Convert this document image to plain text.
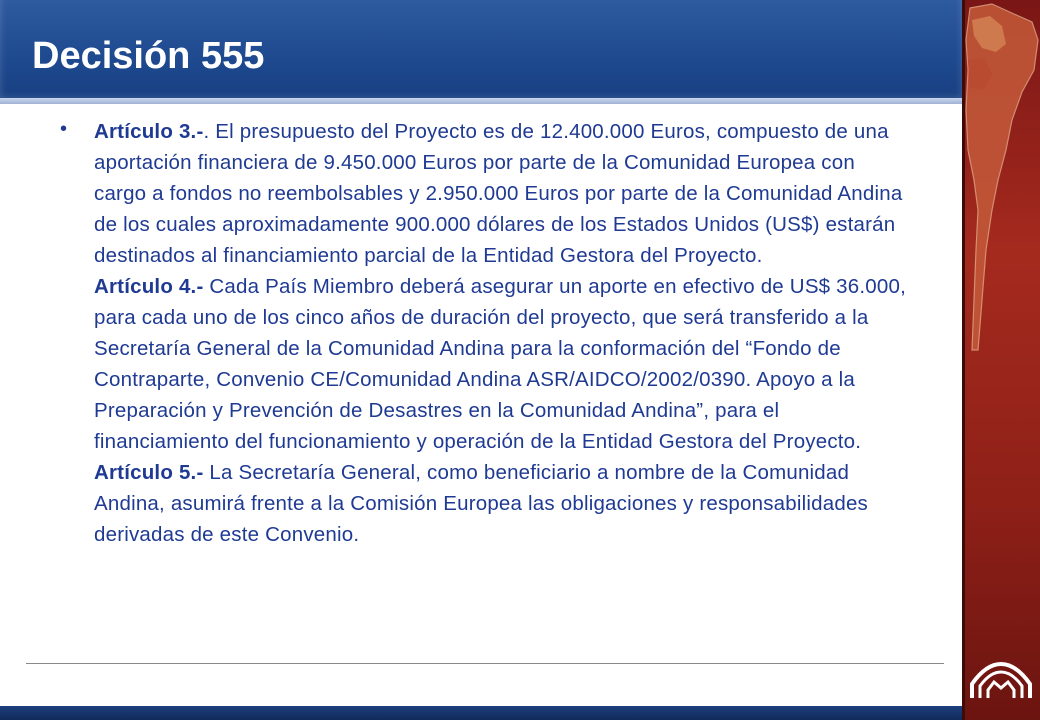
Decisión 555
• Artículo 3.-. El presupuesto del Proyecto es de 12.400.000 Euros, compuesto de una aportación financiera de 9.450.000 Euros por parte de la Comunidad Europea con cargo a fondos no reembolsables y 2.950.000 Euros por parte de la Comunidad Andina de los cuales aproximadamente 900.000 dólares de los Estados Unidos (US$) estarán destinados al financiamiento parcial de la Entidad Gestora del Proyecto.

Artículo 4.- Cada País Miembro deberá asegurar un aporte en efectivo de US$ 36.000, para cada uno de los cinco años de duración del proyecto, que será transferido a la Secretaría General de la Comunidad Andina para la conformación del “Fondo de Contraparte, Convenio CE/Comunidad Andina ASR/AIDCO/2002/0390. Apoyo a la Preparación y Prevención de Desastres en la Comunidad Andina”, para el financiamiento del funcionamiento y operación de la Entidad Gestora del Proyecto.

Artículo 5.- La Secretaría General, como beneficiario a nombre de la Comunidad Andina, asumirá frente a la Comisión Europea las obligaciones y responsabilidades derivadas de este Convenio.
